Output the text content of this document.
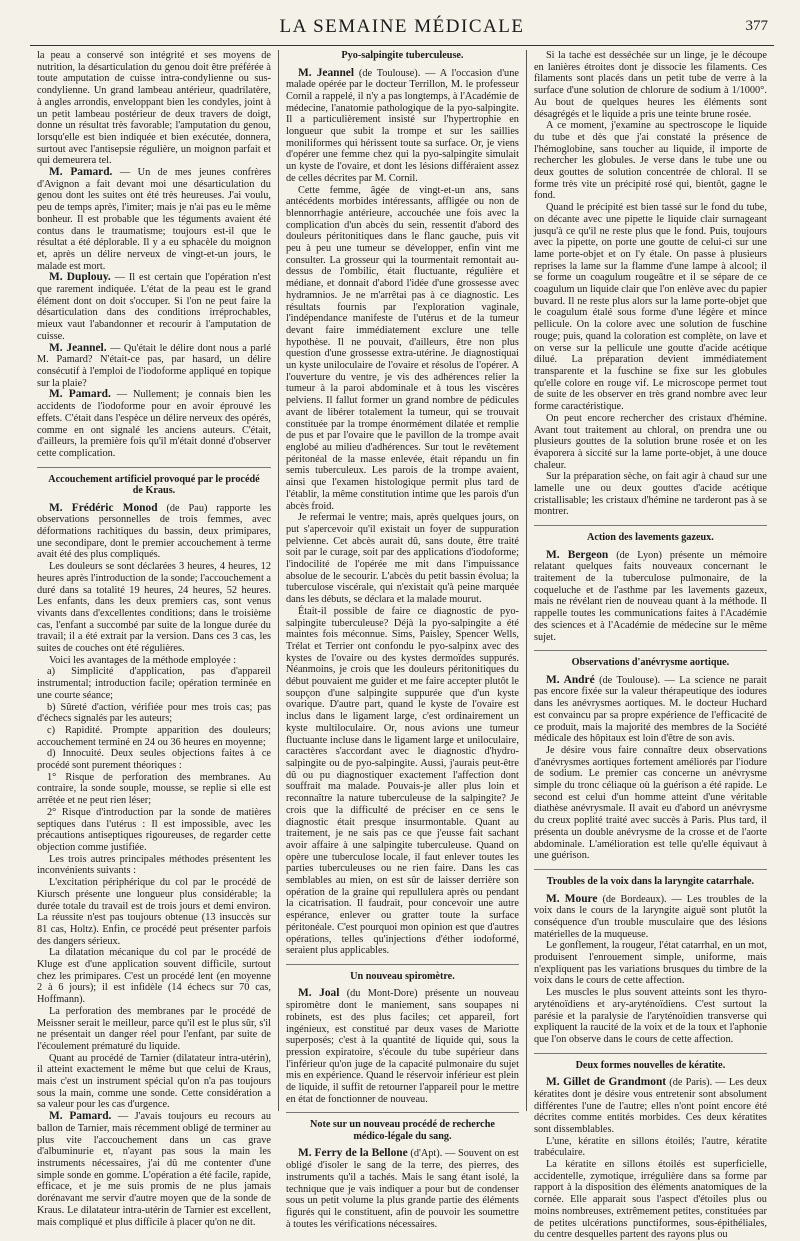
LA SEMAINE MÉDICALE	377

la peau a conservé son intégrité et ses moyens de nutrition, la désarticulation du genou doit être préférée à toute amputation de cuisse intra-condylienne ou sus-condylienne. Un grand lambeau antérieur, quadrilatère, à angles arrondis, enveloppant bien les condyles, joint à un petit lambeau postérieur de deux travers de doigt, donne un résultat très favorable; l'amputation du genou, lorsqu'elle est bien indiquée et bien exécutée, donnera, surtout avec l'antisepsie régulière, un moignon parfait et qui demeurera tel.

M. Pamard. — Un de mes jeunes confrères d'Avignon a fait devant moi une désarticulation du genou dont les suites ont été très heureuses. J'ai voulu, peu de temps après, l'imiter; mais je n'ai pas eu le même bonheur. Il est probable que les téguments avaient été contus dans le traumatisme; toujours est-il que le résultat a été déplorable. Il y a eu sphacèle du moignon et, après un délire nerveux de vingt-et-un jours, le malade est mort.

M. Duplouy. — Il est certain que l'opération n'est que rarement indiquée. L'état de la peau est le grand élément dont on doit s'occuper. Si l'on ne peut faire la désarticulation dans des conditions irréprochables, mieux vaut l'abandonner et recourir à l'amputation de cuisse.

M. Jeannel. — Qu'était le délire dont nous a parlé M. Pamard? N'était-ce pas, par hasard, un délire consécutif à l'emploi de l'iodoforme appliqué en topique sur la plaie?

M. Pamard. — Nullement; je connais bien les accidents de l'iodoforme pour en avoir éprouvé les effets. C'était dans l'espèce un délire nerveux des opérés, comme en ont signalé les anciens auteurs. C'était, d'ailleurs, la première fois qu'il m'était donné d'observer cette complication.

Accouchement artificiel provoqué par le procédé de Kraus.

M. Frédéric Monod (de Pau) rapporte les observations personnelles de trois femmes, avec déformations rachitiques du bassin, deux primipares, une secondipare, dont le premier accouchement à terme avait été des plus compliqués.

Les douleurs se sont déclarées 3 heures, 4 heures, 12 heures après l'introduction de la sonde; l'accouchement a duré dans sa totalité 19 heures, 24 heures, 52 heures. Les enfants, dans les deux premiers cas, sont venus vivants dans d'excellentes conditions; dans le troisième cas, l'enfant a succombé par suite de la longue durée du travail; il a été extrait par la version. Dans ces 3 cas, les suites de couches ont été régulières.

Voici les avantages de la méthode employée :

a) Simplicité d'application, pas d'appareil instrumental; introduction facile; opération terminée en une courte séance;

b) Sûreté d'action, vérifiée pour mes trois cas; pas d'échecs signalés par les auteurs;

c) Rapidité. Prompte apparition des douleurs; accouchement terminé en 24 ou 36 heures en moyenne;

d) Innocuité. Deux seules objections faites à ce procédé sont purement théoriques :

1° Risque de perforation des membranes. Au contraire, la sonde souple, mousse, se replie si elle est arrêtée et ne peut rien léser;

2° Risque d'introduction par la sonde de matières septiques dans l'utérus : Il est impossible, avec les précautions antiseptiques rigoureuses, de regarder cette objection comme justifiée.

Les trois autres principales méthodes présentent les inconvénients suivants :

L'excitation périphérique du col par le procédé de Kiursch présente une longueur plus considérable; la durée totale du travail est de trois jours et demi environ. La réussite n'est pas toujours obtenue (13 insuccès sur 81 cas, Holtz). Enfin, ce procédé peut présenter parfois des dangers sérieux.

La dilatation mécanique du col par le procédé de Kluge est d'une application souvent difficile, surtout chez les primipares. C'est un procédé lent (en moyenne 2 à 6 jours); il est infidèle (14 échecs sur 70 cas, Hoffmann).

La perforation des membranes par le procédé de Meissner serait le meilleur, parce qu'il est le plus sûr, s'il ne présentait un danger réel pour l'enfant, par suite de l'écoulement prématuré du liquide.

Quant au procédé de Tarnier (dilatateur intra-utérin), il atteint exactement le même but que celui de Kraus, mais c'est un instrument spécial qu'on n'a pas toujours sous la main, comme une sonde. Cette considération a sa valeur pour les cas d'urgence.

M. Pamard. — J'avais toujours eu recours au ballon de Tarnier, mais récemment obligé de terminer au plus vite l'accouchement dans un cas grave d'albuminurie et, n'ayant pas sous la main les instruments nécessaires, j'ai dû me contenter d'une simple sonde en gomme. L'opération a été facile, rapide, efficace, et je me suis promis de ne plus jamais dorénavant me servir d'autre moyen que de la sonde de Kraus. Le dilatateur intra-utérin de Tarnier est excellent, mais compliqué et plus difficile à placer qu'on ne dit.

Pyo-salpingite tuberculeuse.

M. Jeannel (de Toulouse). — A l'occasion d'une malade opérée par le docteur Terrillon, M. le professeur Cornil a rappelé, il n'y a pas longtemps, à l'Académie de médecine, l'anatomie pathologique de la pyo-salpingite. Il a particulièrement insisté sur l'hypertrophie en longueur que subit la trompe et sur les saillies moniliformes qui hérissent toute sa surface. Or, je viens d'opérer une femme chez qui la pyo-salpingite simulait un kyste de l'ovaire, et dont les lésions différaient assez de celles décrites par M. Cornil.

Cette femme, âgée de vingt-et-un ans, sans antécédents morbides intéressants, affligée ou non de blennorrhagie antérieure, accouchée une fois avec la complication d'un abcès du sein, ressentit d'abord des douleurs péritonitiques dans le flanc gauche, puis vit peu à peu une tumeur se développer, enfin vint me consulter. La grosseur qui la tourmentait remontait au-dessus de l'ombilic, était fluctuante, régulière et médiane, et donnait d'abord l'idée d'une grossesse avec hydramnios. Je ne m'arrêtai pas à ce diagnostic. Les résultats fournis par l'exploration vaginale, l'indépendance manifeste de l'utérus et de la tumeur devant faire immédiatement exclure une telle hypothèse. Il ne pouvait, d'ailleurs, être non plus question d'une grossesse extra-utérine. Je diagnostiquai un kyste uniloculaire de l'ovaire et résolus de l'opérer. A l'ouverture du ventre, je vis des adhérences relier la tumeur à la paroi abdominale et à tous les viscères pelviens. Il fallut former un grand nombre de pédicules avant de libérer totalement la tumeur, qui se trouvait constituée par la trompe énormément dilatée et remplie de pus et par l'ovaire que le pavillon de la trompe avait englobé au milieu d'adhérences. Sur tout le revêtement péritonéal de la masse enlevée, était répandu un fin semis tuberculeux. Les parois de la trompe avaient, ainsi que l'examen histologique permit plus tard de l'établir, la même constitution intime que les parois d'un abcès froid.

Je refermai le ventre; mais, après quelques jours, on put s'apercevoir qu'il existait un foyer de suppuration pelvienne. Cet abcès aurait dû, sans doute, être traité soit par le curage, soit par des applications d'iodoforme; l'indocilité de l'opérée me mit dans l'impuissance absolue de le secourir. L'abcès du petit bassin évolua; la tuberculose viscérale, qui n'existait qu'à peine marquée dans les débuts, se déclara et la malade mourut.

Était-il possible de faire ce diagnostic de pyo-salpingite tuberculeuse? Déjà la pyo-salpingite a été maintes fois méconnue. Sims, Paisley, Spencer Wells, Trélat et Terrier ont confondu le pyo-salpinx avec des kystes de l'ovaire ou des kystes dermoïdes suppurés. Néanmoins, je crois que les douleurs péritonitiques du début pouvaient me guider et me faire accepter plutôt le soupçon d'une salpingite suppurée que d'un kyste ovarique. D'autre part, quand le kyste de l'ovaire est inclus dans le ligament large, c'est ordinairement un kyste multiloculaire. Or, nous avions une tumeur fluctuante incluse dans le ligament large et uniloculaire, caractères s'accordant avec le diagnostic d'hydro-salpingite ou de pyo-salpingite. Aussi, j'aurais peut-être dû ou pu diagnostiquer exactement l'affection dont souffrait ma malade. Pouvais-je aller plus loin et reconnaître la nature tuberculeuse de la salpingite? Je crois que la difficulté de préciser en ce sens le diagnostic était presque insurmontable. Quant au traitement, je ne sais pas ce que j'eusse fait sachant avoir affaire à une salpingite tuberculeuse. Quand on opère une tuberculose locale, il faut enlever toutes les parties tuberculeuses ou ne rien faire. Dans les cas semblables au mien, on est sûr de laisser derrière son opération de la graine qui repullulera après ou pendant la cicatrisation. Il faudrait, pour concevoir une autre espérance, enlever ou gratter toute la surface péritonéale. C'est pourquoi mon opinion est que d'autres opérations, telles qu'injections d'éther iodoformé, seraient plus applicables.

Un nouveau spiromètre.

M. Joal (du Mont-Dore) présente un nouveau spiromètre dont le maniement, sans soupapes ni robinets, est des plus faciles; cet appareil, fort ingénieux, est constitué par deux vases de Mariotte superposés; c'est à la quantité de liquide qui, sous la pression expiratoire, s'écoule du tube supérieur dans l'inférieur qu'on juge de la capacité pulmonaire du sujet mis en expérience. Quand le réservoir inférieur est plein de liquide, il suffit de retourner l'appareil pour le mettre en état de fonctionner de nouveau.

Note sur un nouveau procédé de recherche médico-légale du sang.

M. Ferry de la Bellone (d'Apt). — Souvent on est obligé d'isoler le sang de la terre, des pierres, des instruments qu'il a tachés. Mais le sang étant isolé, la technique que je vais indiquer a pour but de condenser sous un petit volume la plus grande partie des éléments figurés qui le constituent, afin de pouvoir les soumettre à toutes les vérifications nécessaires.

Si la tache est desséchée sur un linge, je le découpe en lanières étroites dont je dissocie les filaments. Ces filaments sont placés dans un petit tube de verre à la surface d'une solution de chlorure de sodium à 1/1000°. Au bout de quelques heures les éléments sont désagrégés et le liquide a pris une teinte brune rosée.

A ce moment, j'examine au spectroscope le liquide du tube et dès que j'ai constaté la présence de l'hémoglobine, sans toucher au liquide, il importe de rechercher les globules. Je verse dans le tube une ou deux gouttes de solution concentrée de chloral. Il se forme très vite un précipité rosé qui, bientôt, gagne le fond.

Quand le précipité est bien tassé sur le fond du tube, on décante avec une pipette le liquide clair surnageant jusqu'à ce qu'il ne reste plus que le fond. Puis, toujours avec la pipette, on porte une goutte de celui-ci sur une lame porte-objet et on l'y étale. On passe à plusieurs reprises la lame sur la flamme d'une lampe à alcool; il se forme un coagulum rougeâtre et il se sépare de ce coagulum un liquide clair que l'on enlève avec du papier buvard. Il ne reste plus alors sur la lame porte-objet que le coagulum étalé sous forme d'une légère et mince pellicule. On la colore avec une solution de fuschine rouge; puis, quand la coloration est complète, on lave et on verse sur la pellicule une goutte d'acide acétique dilué. La préparation devient immédiatement transparente et la fuschine se fixe sur les globules qu'elle colore en rouge vif. Le microscope permet tout de suite de les observer en très grand nombre avec leur forme caractéristique.

On peut encore rechercher des cristaux d'hémine. Avant tout traitement au chloral, on prendra une ou plusieurs gouttes de la solution brune rosée et on les évaporera à siccité sur la lame porte-objet, à une douce chaleur.

Sur la préparation sèche, on fait agir à chaud sur une lamelle une ou deux gouttes d'acide acétique cristallisable; les cristaux d'hémine ne tarderont pas à se montrer.

Action des lavements gazeux.

M. Bergeon (de Lyon) présente un mémoire relatant quelques faits nouveaux concernant le traitement de la tuberculose pulmonaire, de la coqueluche et de l'asthme par les lavements gazeux, mais ne révélant rien de nouveau quant à la méthode. Il rappelle toutes les communications faites à l'Académie des sciences et à l'Académie de médecine sur le même sujet.

Observations d'anévrysme aortique.

M. André (de Toulouse). — La science ne parait pas encore fixée sur la valeur thérapeutique des iodures dans les anévrysmes aortiques. M. le docteur Huchard est convaincu par sa propre expérience de l'efficacité de ce produit, mais la majorité des membres de la Société médicale des hôpitaux est loin d'être de son avis.

Je désire vous faire connaître deux observations d'anévrysmes aortiques fortement améliorés par l'iodure de sodium. Le premier cas concerne un anévrysme simple du tronc céliaque où la guérison a été rapide. Le second est celui d'un homme atteint d'une véritable diathèse anévrysmale. Il avait eu d'abord un anévrysme du creux poplité traité avec succès à Paris. Plus tard, il présenta un double anévrysme de la crosse et de l'aorte abdominale. L'amélioration est telle qu'elle équivaut à une guérison.

Troubles de la voix dans la laryngite catarrhale.

M. Moure (de Bordeaux). — Les troubles de la voix dans le cours de la laryngite aiguë sont plutôt la conséquence d'un trouble musculaire que des lésions matérielles de la muqueuse.

Le gonflement, la rougeur, l'état catarrhal, en un mot, produisent l'enrouement simple, uniforme, mais n'expliquent pas les variations brusques du timbre de la voix dans le cours de cette affection.

Les muscles le plus souvent atteints sont les thyro-aryténoïdiens et ary-aryténoïdiens. C'est surtout la parésie et la paralysie de l'aryténoïdien transverse qui expliquent la raucité de la voix et de la toux et l'aphonie que l'on observe dans le cours de cette affection.

Deux formes nouvelles de kératite.

M. Gillet de Grandmont (de Paris). — Les deux kératites dont je désire vous entretenir sont absolument différentes l'une de l'autre; elles n'ont point encore été décrites comme entités morbides. Ces deux kératites sont dissemblables.

L'une, kératite en sillons étoilés; l'autre, kératite trabéculaire.

La kératite en sillons étoilés est superficielle, accidentelle, zymotique, irrégulière dans sa forme par rapport à la disposition des éléments anatomiques de la cornée. Elle apparait sous l'aspect d'étoiles plus ou moins nombreuses, extrêmement petites, constituées par de petites ulcérations punctiformes, sous-épithéliales, du centre desquelles partent des rayons plus ou
